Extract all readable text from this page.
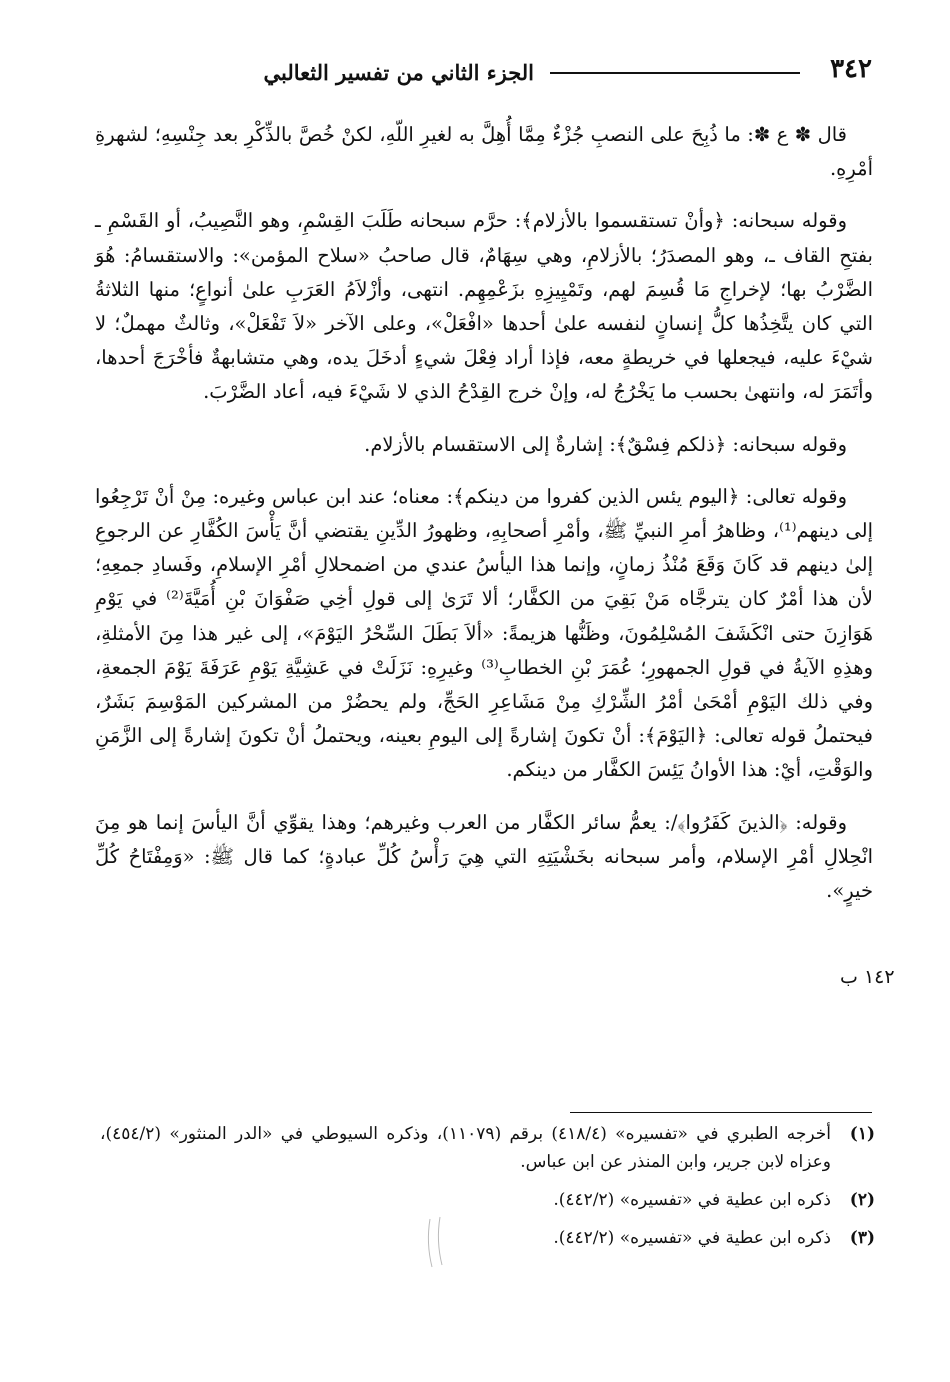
٣٤٢
الجزء الثاني من تفسير الثعالبي

قال ✽ ع ✽: ما ذُبِحَ على النصبِ جُزْءٌ مِمَّا أُهِلَّ به لغيرِ اللّهِ، لكنْ خُصَّ بالذِّكْرِ بعد جِنْسِهِ؛ لشهرةِ أمْرِهِ.

وقوله سبحانه: ﴿وأنْ تستقسموا بالأزلام﴾: حرَّم سبحانه طَلَبَ القِسْمِ، وهو النَّصِيبُ، أو القَسْمِ ـ بفتحِ القاف ـ، وهو المصدَرُ؛ بالأزلامِ، وهي سِهَامٌ، قال صاحبُ «سلاح المؤمن»: والاستقسامُ: هُوَ الضَّرْبُ بها؛ لإخراجِ مَا قُسِمَ لهم، وتَمْيِيزِهِ بزَعْمِهِم. انتهى، وأزْلاَمُ العَرَبِ علىٰ أنواعٍ؛ منها الثلاثةُ التي كان يتَّخِذُها كلُّ إنسانٍ لنفسه علىٰ أحدها «افْعَلْ»، وعلى الآخر «لاَ تَفْعَلْ»، وثالثٌ مهملٌ؛ لا شيْءَ عليه، فيجعلها في خريطةٍ معه، فإذا أراد فِعْلَ شيءٍ أدخَلَ يده، وهي متشابهةٌ فأخْرَجَ أحدها، وأتَمَرَ له، وانتهىٰ بحسب ما يَخْرُجُ له، وإنْ خرج القِدْحُ الذي لا شَيْءَ فيه، أعاد الضَّرْبَ.

وقوله سبحانه: ﴿ذلكم فِسْقٌ﴾: إشارةٌ إلى الاستقسام بالأزلام.

وقوله تعالى: ﴿اليوم يئس الذين كفروا من دينكم﴾: معناه؛ عند ابن عباس وغيره: مِنْ أنْ تَرْجِعُوا إلى دينهم⁽¹⁾، وظاهرُ أمرِ النبيِّ ﷺ، وأمْرِ أصحابِهِ، وظهورُ الدِّينِ يقتضي أنَّ يَأْسَ الكُفَّارِ عن الرجوعِ إلىٰ دينهم قد كَانَ وَقَعَ مُنْذُ زمانٍ، وإنما هذا اليأسُ عندي من اضمحلالِ أمْرِ الإسلامِ، وفَسادِ جمعِهِ؛ لأن هذا أمْرٌ كان يترجَّاه مَنْ بَقِيَ من الكفَّار؛ ألا تَرَىٰ إلى قولِ أخِي صَفْوَانَ بْنِ أُمَيَّةَ⁽²⁾ في يَوْمِ هَوَازِنَ حتى انْكَشَفَ المُسْلِمُونَ، وظَنُّها هزيمةً: «ألاَ بَطَلَ السِّحْرُ اليَوْمَ»، إلى غير هذا مِنَ الأمثلةِ، وهذِهِ الآيةُ في قولِ الجمهورِ؛ عُمَرَ بْنِ الخطابِ⁽³⁾ وغيرِهِ: نَزَلَتْ في عَشِيَّةِ يَوْمِ عَرَفَةَ يَوْمَ الجمعةِ، وفي ذلك اليَوْمِ أمْحَىٰ أمْرُ الشِّرْكِ مِنْ مَشَاعِرِ الحَجِّ، ولم يحضُرْ من المشركين المَوْسِمَ بَشَرٌ، فيحتملُ قوله تعالى: ﴿اليَوْمَ﴾: أنْ تكونَ إشارةً إلى اليومِ بعينه، ويحتملُ أنْ تكونَ إشارةً إلى الزَّمَنِ والوَقْتِ، أيْ: هذا الأوانُ يَئِسَ الكفَّار من دينكم.

وقوله: ﴿الذينَ كَفَرُوا﴾/: يعمُّ سائر الكفَّار من العرب وغيرهم؛ وهذا يقوِّي أنَّ اليأسَ إنما هو مِنَ انْحِلالِ أمْرِ الإسلام، وأمر سبحانه بخَشْيَتِهِ التي هِيَ رَأْسُ كُلِّ عبادةٍ؛ كما قال ﷺ: «وَمِفْتَاحُ كُلِّ خيرٍ».

١٤٢ ب
(١)
أخرجه الطبري في «تفسيره» (٤١٨/٤) برقم (١١٠٧٩)، وذكره السيوطي في «الدر المنثور» (٤٥٤/٢)، وعزاه لابن جرير، وابن المنذر عن ابن عباس.
(٢)
ذكره ابن عطية في «تفسيره» (٤٤٢/٢).
(٣)
ذكره ابن عطية في «تفسيره» (٤٤٢/٢).
